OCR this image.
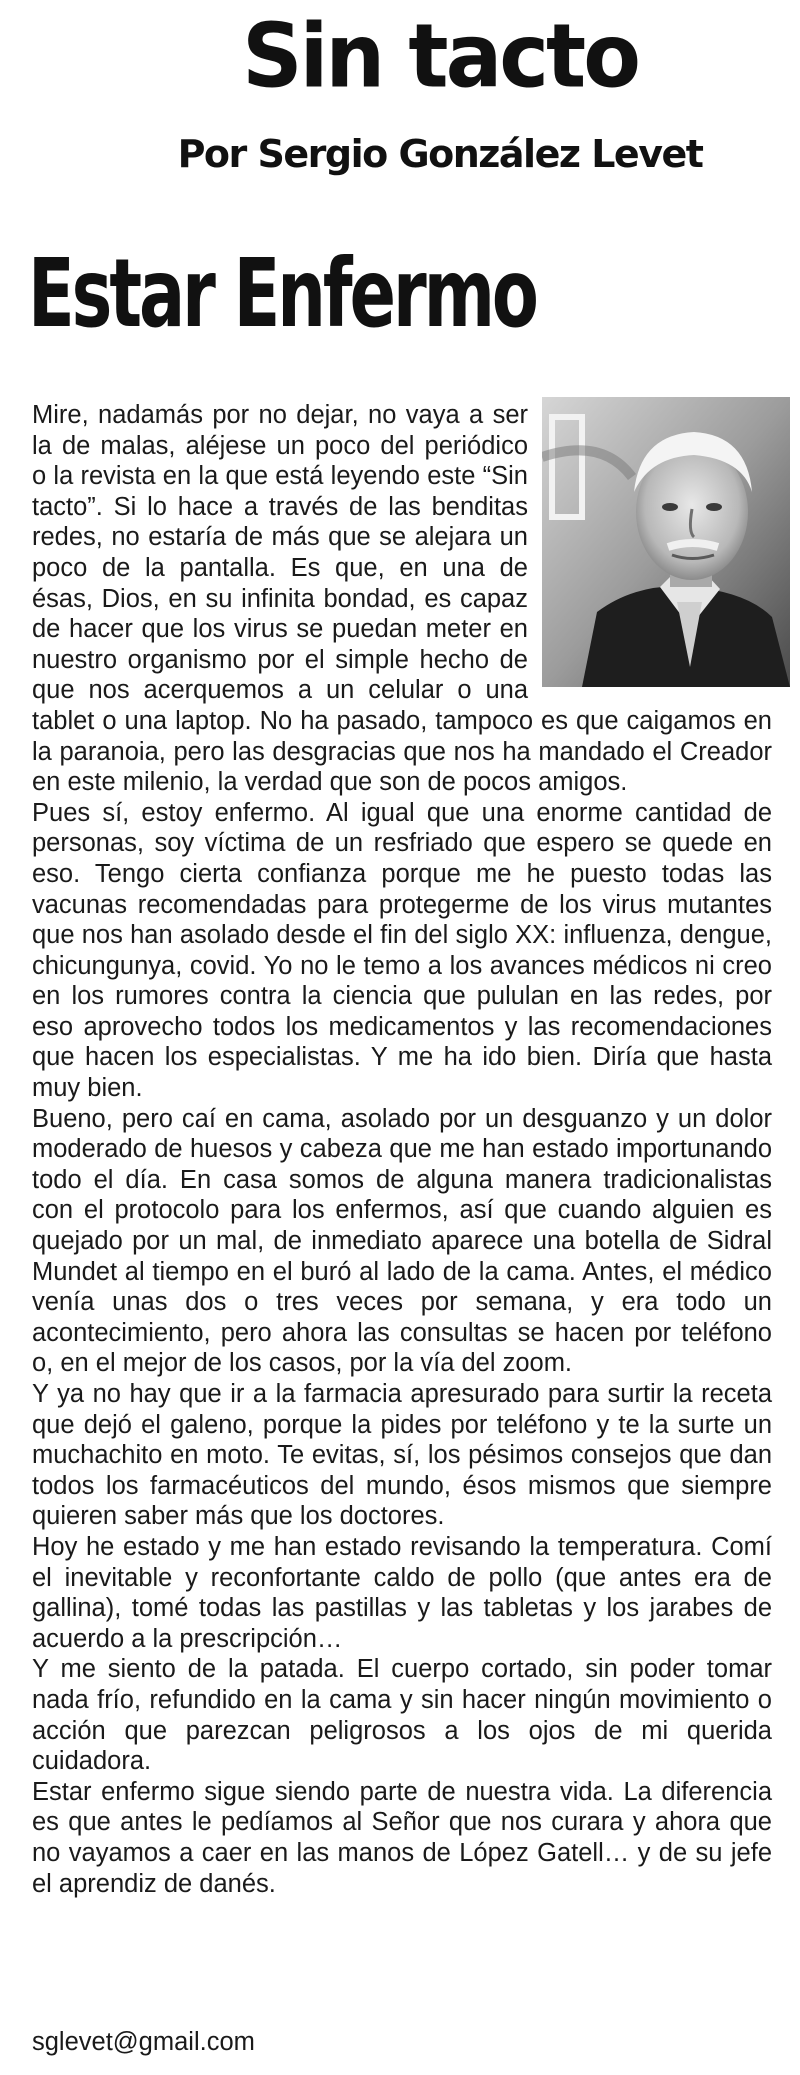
Sin tacto
Por Sergio González Levet
Estar Enfermo

Mire, nadamás por no dejar, no vaya a ser la de malas, aléjese un poco del periódico o la revista en la que está leyendo este “Sin tacto”. Si lo hace a través de las benditas redes, no estaría de más que se alejara un poco de la pantalla. Es que, en una de ésas, Dios, en su infinita bondad, es capaz de hacer que los virus se puedan meter en nuestro organismo por el simple hecho de que nos acerquemos a un celular o una tablet o una laptop. No ha pasado, tampoco es que caigamos en la paranoia, pero las desgracias que nos ha mandado el Creador en este milenio, la verdad que son de pocos amigos.

Pues sí, estoy enfermo. Al igual que una enorme cantidad de personas, soy víctima de un resfriado que espero se quede en eso. Tengo cierta confianza porque me he puesto todas las vacunas recomendadas para protegerme de los virus mutantes que nos han asolado desde el fin del siglo XX: influenza, dengue, chicungunya, covid. Yo no le temo a los avances médicos ni creo en los rumores contra la ciencia que pululan en las redes, por eso aprovecho todos los medicamentos y las recomendaciones que hacen los especialistas. Y me ha ido bien. Diría que hasta muy bien.

Bueno, pero caí en cama, asolado por un desguanzo y un dolor moderado de huesos y cabeza que me han estado importunando todo el día. En casa somos de alguna manera tradicionalistas con el protocolo para los enfermos, así que cuando alguien es quejado por un mal, de inmediato aparece una botella de Sidral Mundet al tiempo en el buró al lado de la cama. Antes, el médico venía unas dos o tres veces por semana, y era todo un acontecimiento, pero ahora las consultas se hacen por teléfono o, en el mejor de los casos, por la vía del zoom.

Y ya no hay que ir a la farmacia apresurado para surtir la receta que dejó el galeno, porque la pides por teléfono y te la surte un muchachito en moto. Te evitas, sí, los pésimos consejos que dan todos los farmacéuticos del mundo, ésos mismos que siempre quieren saber más que los doctores.

Hoy he estado y me han estado revisando la temperatura. Comí el inevitable y reconfortante caldo de pollo (que antes era de gallina), tomé todas las pastillas y las tabletas y los jarabes de acuerdo a la prescripción…

Y me siento de la patada. El cuerpo cortado, sin poder tomar nada frío, refundido en la cama y sin hacer ningún movimiento o acción que parezcan peligrosos a los ojos de mi querida cuidadora.

Estar enfermo sigue siendo parte de nuestra vida. La diferencia es que antes le pedíamos al Señor que nos curara y ahora que no vayamos a caer en las manos de López Gatell… y de su jefe el aprendiz de danés.

sglevet@gmail.com
